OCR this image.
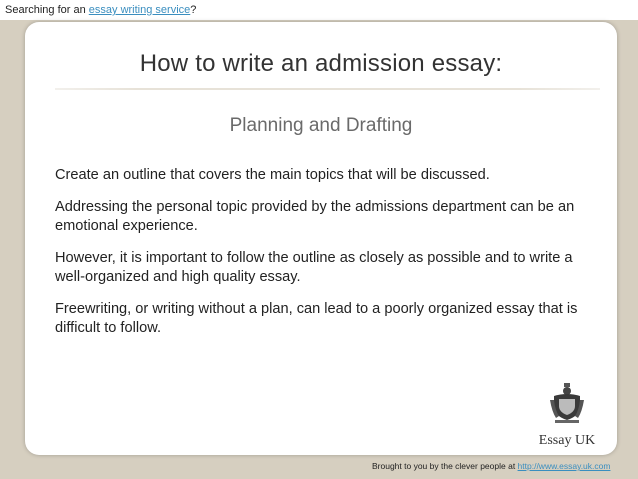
Searching for an essay writing service?
How to write an admission essay:
Planning and Drafting

Create an outline that covers the main topics that will be discussed.

Addressing the personal topic provided by the admissions department can be an emotional experience.

However, it is important to follow the outline as closely as possible and to write a well-organized and high quality essay.

Freewriting, or writing without a plan, can lead to a poorly organized essay that is difficult to follow.

Essay UK
Brought to you by the clever people at http://www.essay.uk.com
